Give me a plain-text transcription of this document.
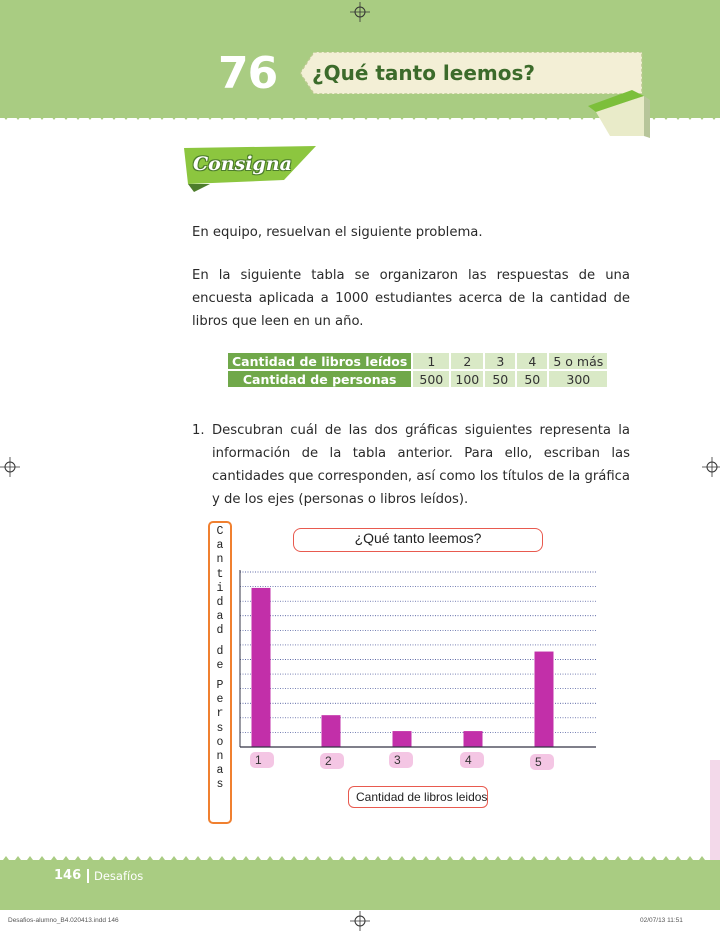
76	¿Qué tanto leemos?
Consigna
En equipo, resuelvan el siguiente problema.
En la siguiente tabla se organizaron las respuestas de una encuesta aplicada a 1000 estudiantes acerca de la cantidad de libros que leen en un año.
Cantidad de libros leídos	1	2	3	4	5 o más
Cantidad de personas	500	100	50	50	300
1. Descubran cuál de las dos gráficas siguientes representa la información de la tabla anterior. Para ello, escriban las cantidades que corresponden, así como los títulos de la gráfica y de los ejes (personas o libros leídos).
C
a
n
t
i
d
a
d
d
e
P
e
r
s
o
n
a
s
¿Qué tanto leemos?
1	2	3	4	5
Cantidad de libros leidos
146 Desafíos
Desafios-alumno_B4.020413.indd 146	02/07/13 11:51
